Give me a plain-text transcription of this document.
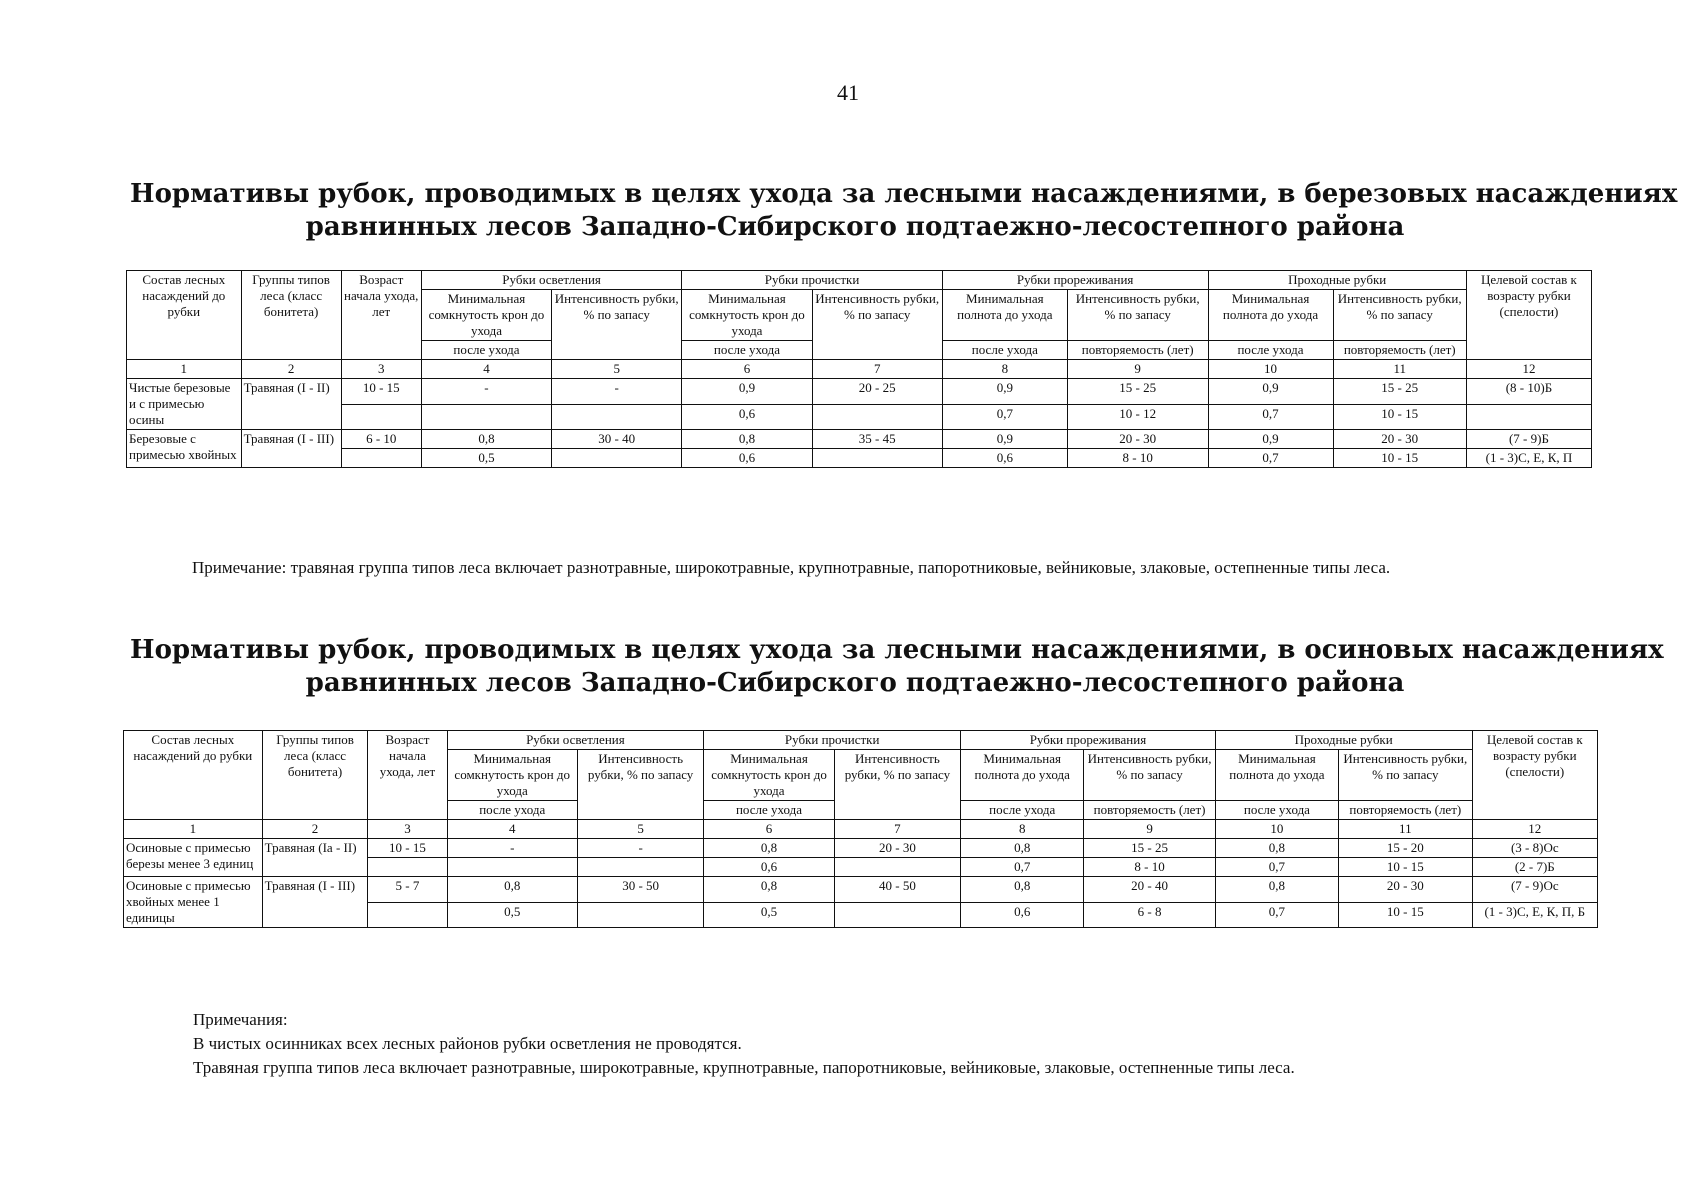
41
Нормативы рубок, проводимых в целях ухода за лесными насаждениями, в березовых насаждениях
равнинных лесов Западно-Сибирского подтаежно-лесостепного района
Состав лесных насаждений до рубки	Группы типов леса (класс бонитета)	Возраст начала ухода, лет	Рубки осветления		Рубки прочистки		Рубки прореживания		Проходные рубки		Целевой состав к возрасту рубки (спелости)
			Минимальная сомкнутость крон до ухода	Интенсивность рубки, % по запасу	Минимальная сомкнутость крон до ухода	Интенсивность рубки, % по запасу	Минимальная полнота до ухода	Интенсивность рубки, % по запасу	Минимальная полнота до ухода	Интенсивность рубки, % по запасу	
			после ухода		после ухода		после ухода	повторяемость (лет)	после ухода	повторяемость (лет)	
1	2	3	4	5	6	7	8	9	10	11	12
Чистые березовые и с примесью осины	Травяная (I - II)	10 - 15	-	-	0,9	20 - 25	0,9	15 - 25	0,9	15 - 25	(8 - 10)Б
					0,6		0,7	10 - 12	0,7	10 - 15	
Березовые с примесью хвойных	Травяная (I - III)	6 - 10	0,8	30 - 40	0,8	35 - 45	0,9	20 - 30	0,9	20 - 30	(7 - 9)Б
			0,5		0,6		0,6	8 - 10	0,7	10 - 15	(1 - 3)С, Е, К, П
Примечание: травяная группа типов леса включает разнотравные, широкотравные, крупнотравные, папоротниковые, вейниковые, злаковые, остепненные типы леса.
Нормативы рубок, проводимых в целях ухода за лесными насаждениями, в осиновых насаждениях
равнинных лесов Западно-Сибирского подтаежно-лесостепного района
Состав лесных насаждений до рубки	Группы типов леса (класс бонитета)	Возраст начала ухода, лет	Рубки осветления		Рубки прочистки		Рубки прореживания		Проходные рубки		Целевой состав к возрасту рубки (спелости)
			Минимальная сомкнутость крон до ухода	Интенсивность рубки, % по запасу	Минимальная сомкнутость крон до ухода	Интенсивность рубки, % по запасу	Минимальная полнота до ухода	Интенсивность рубки, % по запасу	Минимальная полнота до ухода	Интенсивность рубки, % по запасу	
			после ухода		после ухода		после ухода	повторяемость (лет)	после ухода	повторяемость (лет)	
1	2	3	4	5	6	7	8	9	10	11	12
Осиновые с примесью березы менее 3 единиц	Травяная (Ia - II)	10 - 15	-	-	0,8	20 - 30	0,8	15 - 25	0,8	15 - 20	(3 - 8)Ос
					0,6		0,7	8 - 10	0,7	10 - 15	(2 - 7)Б
Осиновые с примесью хвойных менее 1 единицы	Травяная (I - III)	5 - 7	0,8	30 - 50	0,8	40 - 50	0,8	20 - 40	0,8	20 - 30	(7 - 9)Ос
			0,5		0,5		0,6	6 - 8	0,7	10 - 15	(1 - 3)С, Е, К, П, Б
Примечания:
В чистых осинниках всех лесных районов рубки осветления не проводятся.
Травяная группа типов леса включает разнотравные, широкотравные, крупнотравные, папоротниковые, вейниковые, злаковые, остепненные типы леса.
